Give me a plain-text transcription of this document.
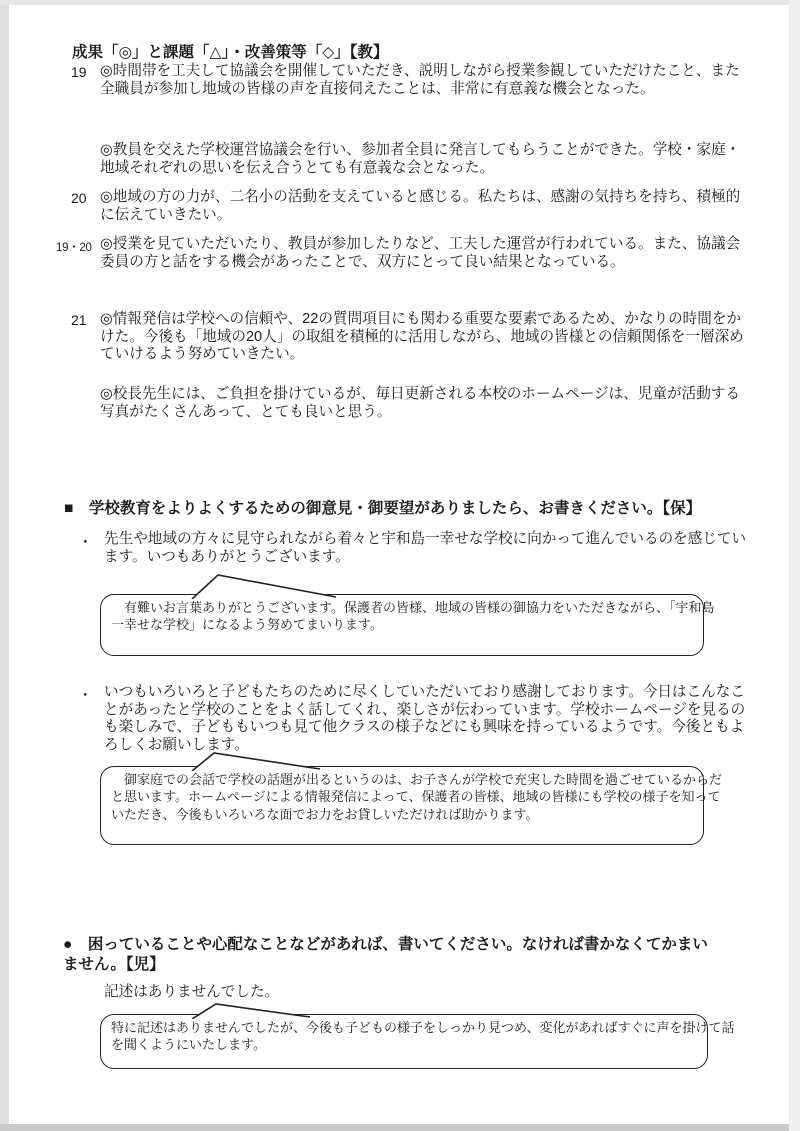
成果「◎」と課題「△」・改善策等「◇」【教】
19 ◎時間帯を工夫して協議会を開催していただき、説明しながら授業参観していただけたこと、また
全職員が参加し地域の皆様の声を直接伺えたことは、非常に有意義な機会となった。
◎教員を交えた学校運営協議会を行い、参加者全員に発言してもらうことができた。学校・家庭・
地域それぞれの思いを伝え合うとても有意義な会となった。
20 ◎地域の方の力が、二名小の活動を支えていると感じる。私たちは、感謝の気持ちを持ち、積極的
に伝えていきたい。
19・20 ◎授業を見ていただいたり、教員が参加したりなど、工夫した運営が行われている。また、協議会
委員の方と話をする機会があったことで、双方にとって良い結果となっている。
21 ◎情報発信は学校への信頼や、22の質問項目にも関わる重要な要素であるため、かなりの時間をか
けた。今後も「地域の20人」の取組を積極的に活用しながら、地域の皆様との信頼関係を一層深め
ていけるよう努めていきたい。
◎校長先生には、ご負担を掛けているが、毎日更新される本校のホームページは、児童が活動する
写真がたくさんあって、とても良いと思う。
■　学校教育をよりよくするための御意見・御要望がありましたら、お書きください。【保】
・ 先生や地域の方々に見守られながら着々と宇和島一幸せな学校に向かって進んでいるのを感じてい
ます。いつもありがとうございます。
　有難いお言葉ありがとうございます。保護者の皆様、地域の皆様の御協力をいただきながら、「宇和島
一幸せな学校」になるよう努めてまいります。
・ いつもいろいろと子どもたちのために尽くしていただいており感謝しております。今日はこんなこ
とがあったと学校のことをよく話してくれ、楽しさが伝わっています。学校ホームページを見るの
も楽しみで、子どももいつも見て他クラスの様子などにも興味を持っているようです。今後ともよ
ろしくお願いします。
　御家庭での会話で学校の話題が出るというのは、お子さんが学校で充実した時間を過ごせているからだ
と思います。ホームページによる情報発信によって、保護者の皆様、地域の皆様にも学校の様子を知って
いただき、今後もいろいろな面でお力をお貸しいただければ助かります。
●　困っていることや心配なことなどがあれば、書いてください。なければ書かなくてかまい
ません。【児】
記述はありませんでした。
特に記述はありませんでしたが、今後も子どもの様子をしっかり見つめ、変化があればすぐに声を掛けて話
を聞くようにいたします。
